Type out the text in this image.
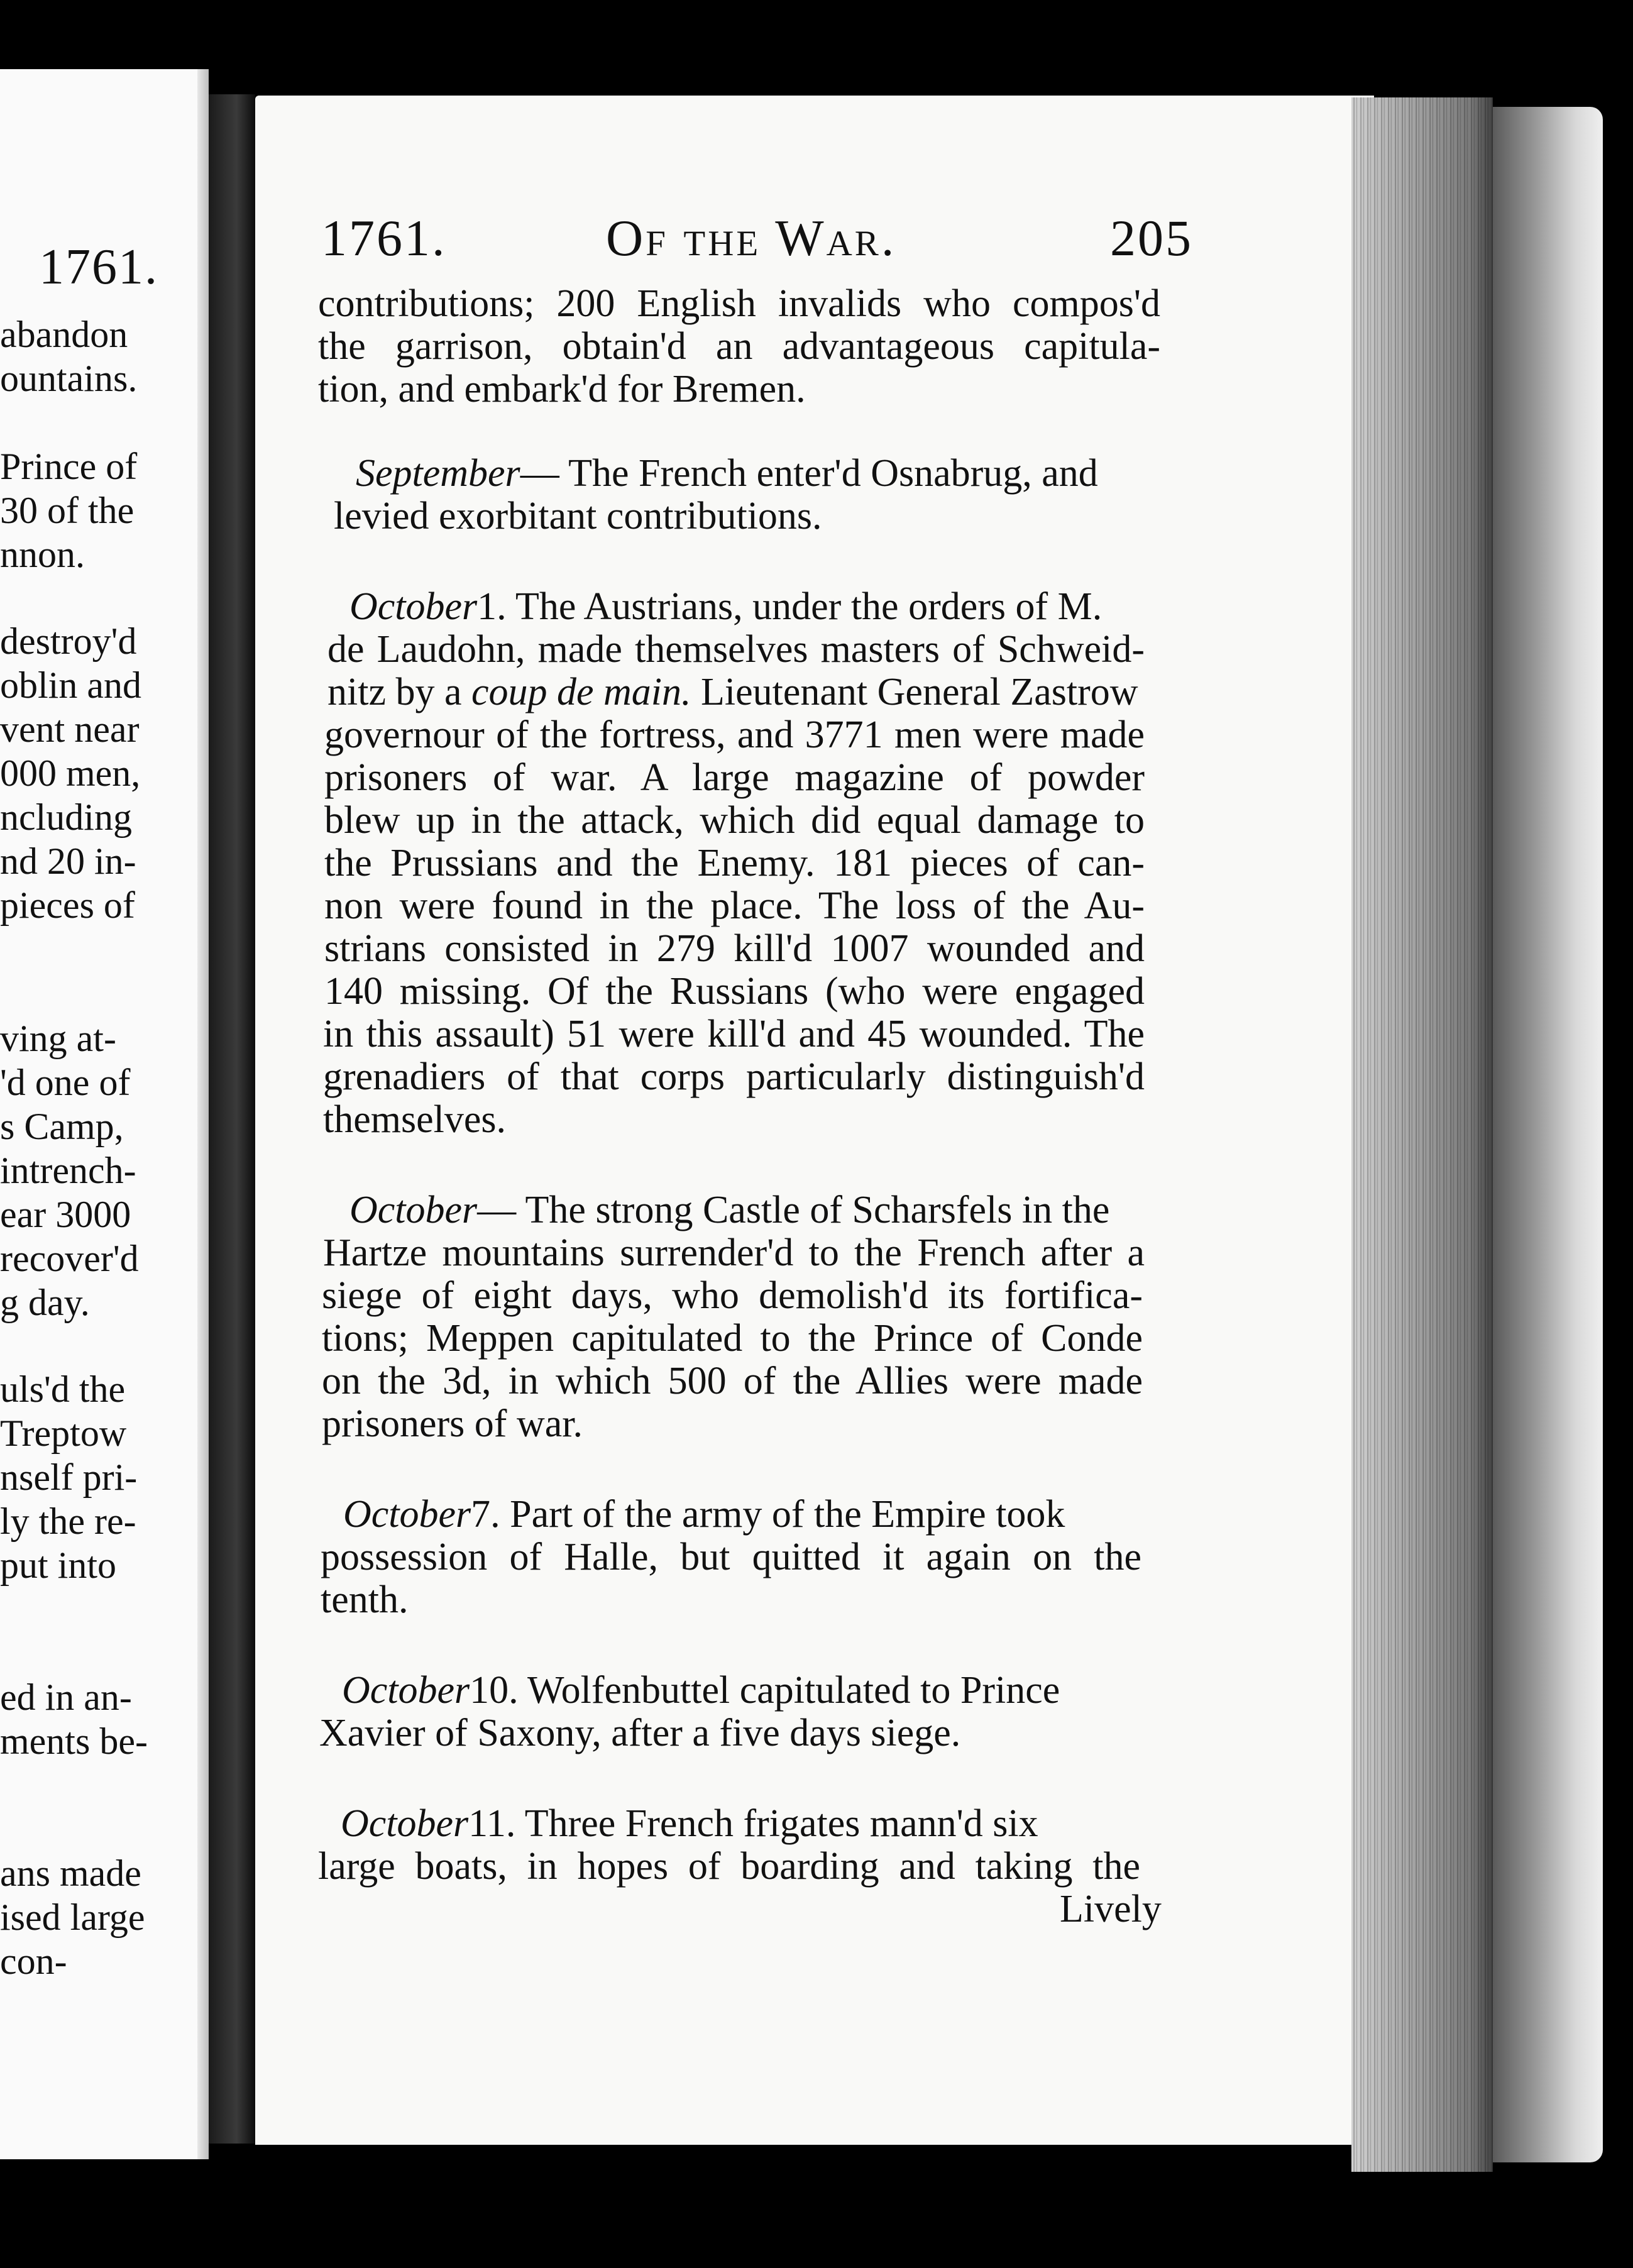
1761.
abandon
ountains.
Prince of
30 of the
nnon.
destroy'd
oblin and
vent near
000 men,
ncluding
nd 20 in-
pieces of
ving at-
'd one of
s Camp,
intrench-
ear 3000
recover'd
g day.
uls'd the
Treptow
nself pri-
ly the re-
put into
ed in an-
ments be-
ans made
ised large
con-
1761.	Of the War.	205
contributions; 200 English invalids who compos'd
the garrison, obtain'd an advantageous capitula-
tion, and embark'd for Bremen.
September— The French enter'd Osnabrug, and
levied exorbitant contributions.
October1. The Austrians, under the orders of M.
de Laudohn, made themselves masters of Schweid-
nitz by a coup de main. Lieutenant General Zastrow
governour of the fortress, and 3771 men were made
prisoners of war. A large magazine of powder
blew up in the attack, which did equal damage to
the Prussians and the Enemy. 181 pieces of can-
non were found in the place. The loss of the Au-
strians consisted in 279 kill'd 1007 wounded and
140 missing. Of the Russians (who were engaged
in this assault) 51 were kill'd and 45 wounded. The
grenadiers of that corps particularly distinguish'd
themselves.
October— The strong Castle of Scharsfels in the
Hartze mountains surrender'd to the French after a
siege of eight days, who demolish'd its fortifica-
tions; Meppen capitulated to the Prince of Conde
on the 3d, in which 500 of the Allies were made
prisoners of war.
October7. Part of the army of the Empire took
possession of Halle, but quitted it again on the
tenth.
October10. Wolfenbuttel capitulated to Prince
Xavier of Saxony, after a five days siege.
October11. Three French frigates mann'd six
large boats, in hopes of boarding and taking the
Lively
